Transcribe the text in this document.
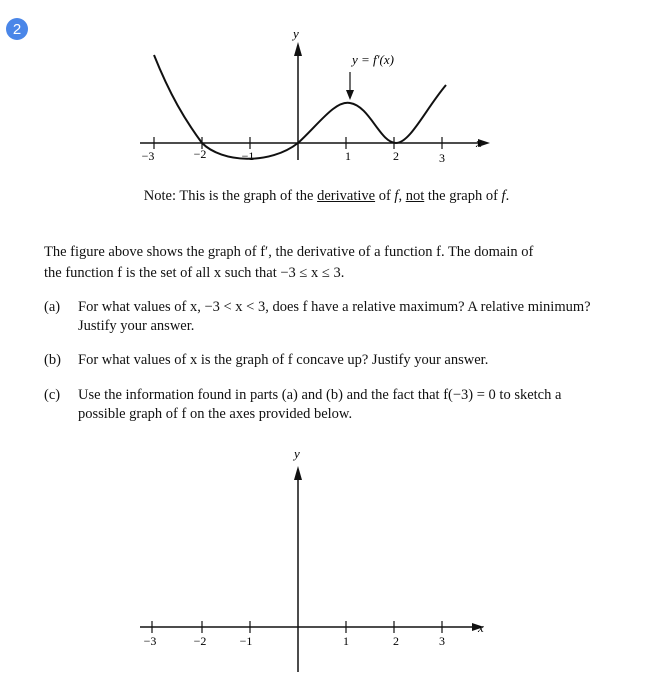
2
x
y
−3	−2	−1	1	2	3
y = f′(x)
Note: This is the graph of the derivative of f, not the graph of f.
The figure above shows the graph of f′, the derivative of a function f. The domain of
the function f is the set of all x such that −3 ≤ x ≤ 3.
(a) For what values of x, −3 < x < 3, does f have a relative maximum? A relative minimum? Justify your answer.
(b) For what values of x is the graph of f concave up? Justify your answer.
(c) Use the information found in parts (a) and (b) and the fact that f(−3) = 0 to sketch a possible graph of f on the axes provided below.
x
y
−3	−2	−1	1	2	3
